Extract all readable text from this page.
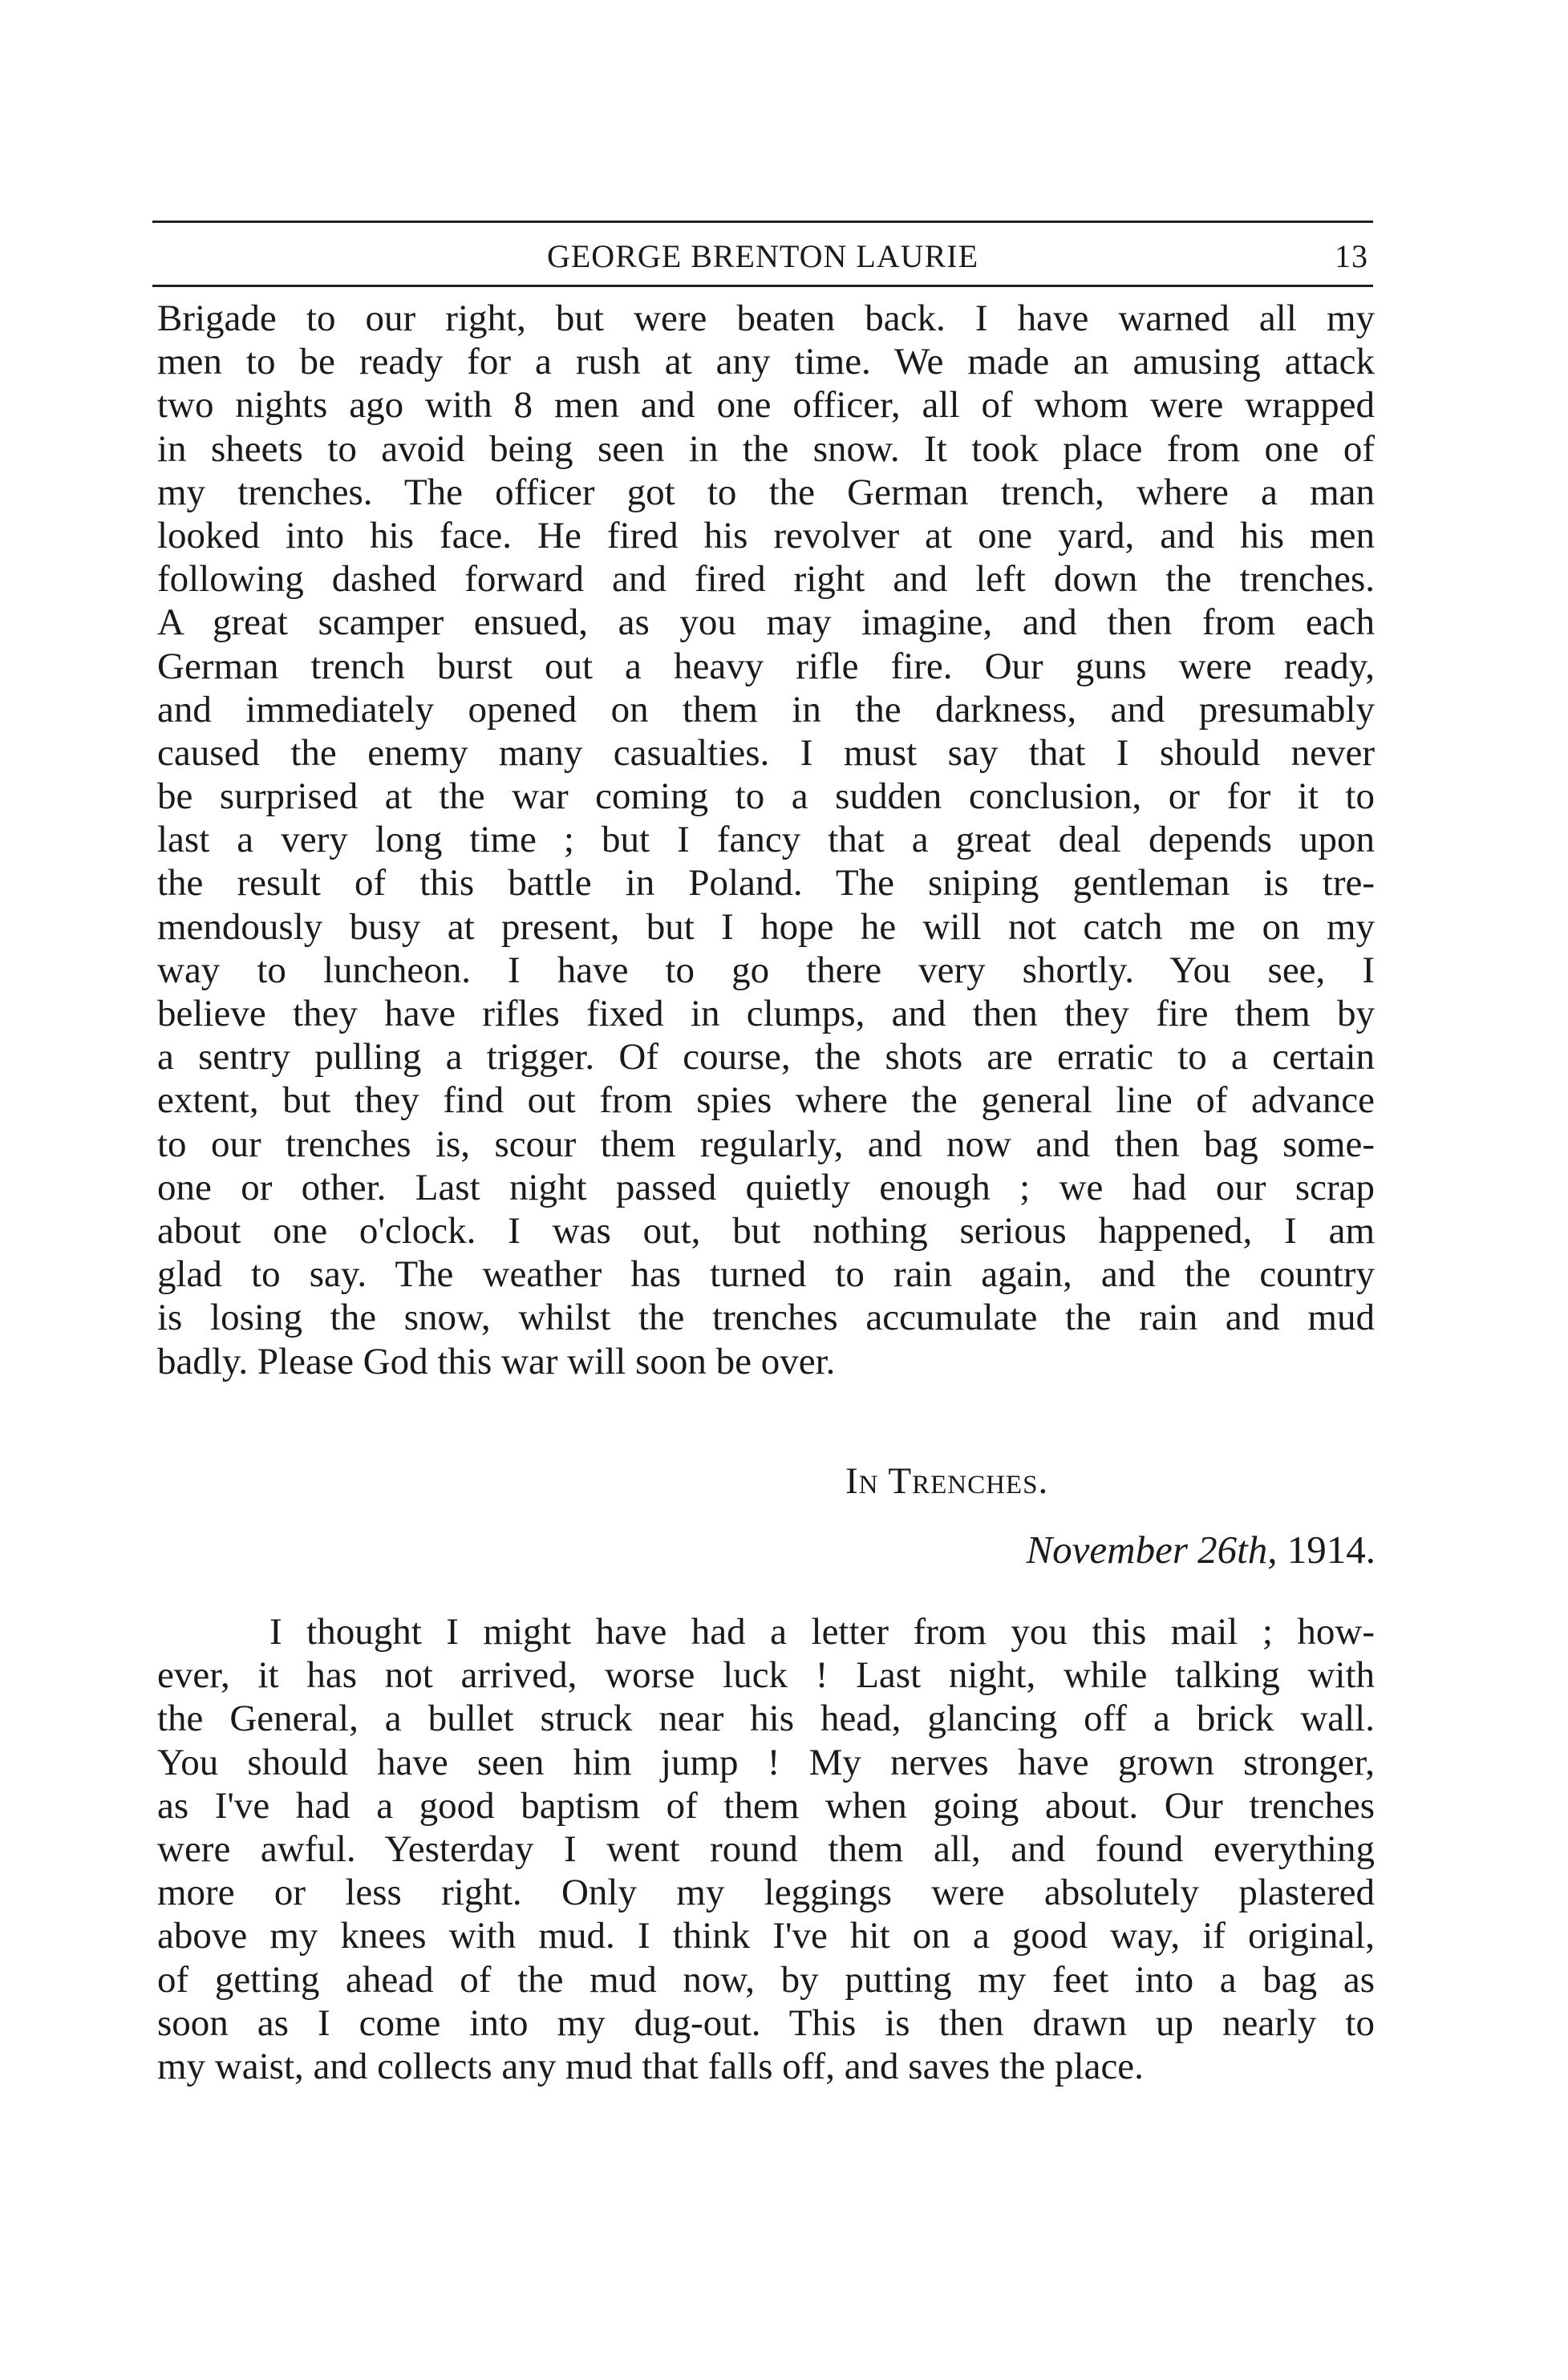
GEORGE BRENTON LAURIE	13
Brigade to our right, but were beaten back. I have warned all my
men to be ready for a rush at any time. We made an amusing attack
two nights ago with 8 men and one officer, all of whom were wrapped
in sheets to avoid being seen in the snow. It took place from one of
my trenches. The officer got to the German trench, where a man
looked into his face. He fired his revolver at one yard, and his men
following dashed forward and fired right and left down the trenches.
A great scamper ensued, as you may imagine, and then from each
German trench burst out a heavy rifle fire. Our guns were ready,
and immediately opened on them in the darkness, and presumably
caused the enemy many casualties. I must say that I should never
be surprised at the war coming to a sudden conclusion, or for it to
last a very long time ; but I fancy that a great deal depends upon
the result of this battle in Poland. The sniping gentleman is tre-
mendously busy at present, but I hope he will not catch me on my
way to luncheon. I have to go there very shortly. You see, I
believe they have rifles fixed in clumps, and then they fire them by
a sentry pulling a trigger. Of course, the shots are erratic to a certain
extent, but they find out from spies where the general line of advance
to our trenches is, scour them regularly, and now and then bag some-
one or other. Last night passed quietly enough ; we had our scrap
about one o'clock. I was out, but nothing serious happened, I am
glad to say. The weather has turned to rain again, and the country
is losing the snow, whilst the trenches accumulate the rain and mud
badly. Please God this war will soon be over.
In Trenches.
November 26th, 1914.
I thought I might have had a letter from you this mail ; how-
ever, it has not arrived, worse luck ! Last night, while talking with
the General, a bullet struck near his head, glancing off a brick wall.
You should have seen him jump ! My nerves have grown stronger,
as I've had a good baptism of them when going about. Our trenches
were awful. Yesterday I went round them all, and found everything
more or less right. Only my leggings were absolutely plastered
above my knees with mud. I think I've hit on a good way, if original,
of getting ahead of the mud now, by putting my feet into a bag as
soon as I come into my dug-out. This is then drawn up nearly to
my waist, and collects any mud that falls off, and saves the place.
